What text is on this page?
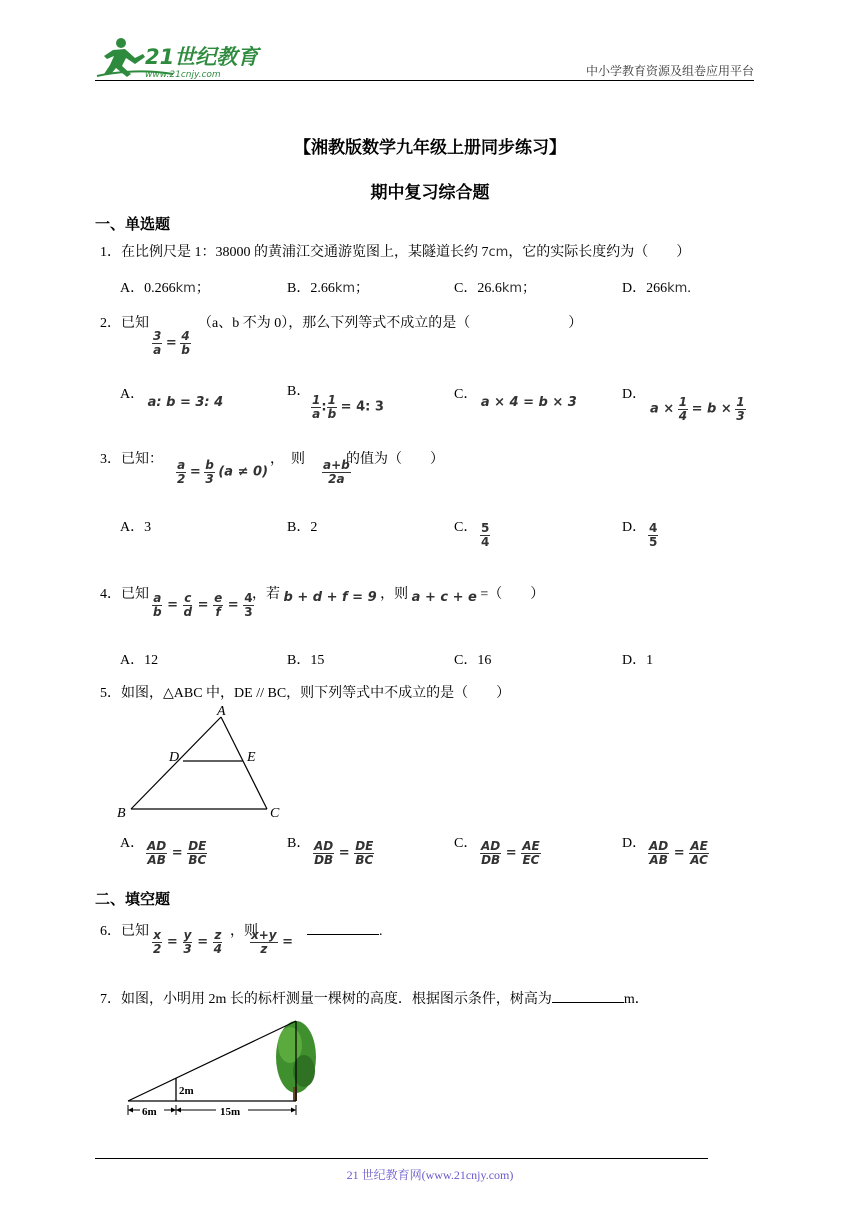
21世纪教育
www.21cnjy.com	中小学教育资源及组卷应用平台
【湘教版数学九年级上册同步练习】
期中复习综合题
一、单选题
1．在比例尺是 1：38000 的黄浦江交通游览图上，某隧道长约 7cm，它的实际长度约为（　　）
A．0.266km；	B．2.66km；	C．26.6km；	D．266km.
2．已知	（a、b 不为 0），那么下列等式不成立的是（　　　　　　　）
$\frac{3}{a} = \frac{4}{b}$
A． a: b = 3: 4
B．
$\frac{1}{a}$ : $\frac{1}{b} = 4$: 3
C． a × 4 = b × 3
D．
$a \times \frac{1}{4} = b \times \frac{1}{3}$
3．已知：	，　则	的值为（　　）
$\frac{a}{2} = \frac{b}{3} (a \ne 0)$	$\frac{a+b}{2a}$
A．3	B．2	C． $\frac{5}{4}$	D． $\frac{4}{5}$
4．已知	，若 b + d + f = 9 ，则 a + c + e =（　　）
$\frac{a}{b} = \frac{c}{d} = \frac{e}{f} = \frac{4}{3}$
A．12	B．15	C．16	D．1
5．如图，△ABC 中，DE // BC，则下列等式中不成立的是（　　）
A
D	E
B	C
A． $\frac{AD}{AB} = \frac{DE}{BC}$	B． $\frac{AD}{DB} = \frac{DE}{BC}$	C． $\frac{AD}{DB} = \frac{AE}{EC}$	D． $\frac{AD}{AB} = \frac{AE}{AC}$
二、填空题
6．已知	，则	.
$\frac{x}{2} = \frac{y}{3} = \frac{z}{4} \frac{x+y}{z}$ =
7．如图，小明用 2m 长的标杆测量一棵树的高度．根据图示条件，树高为	m．
2m
6m	15m
21 世纪教育网(www.21cnjy.com)
